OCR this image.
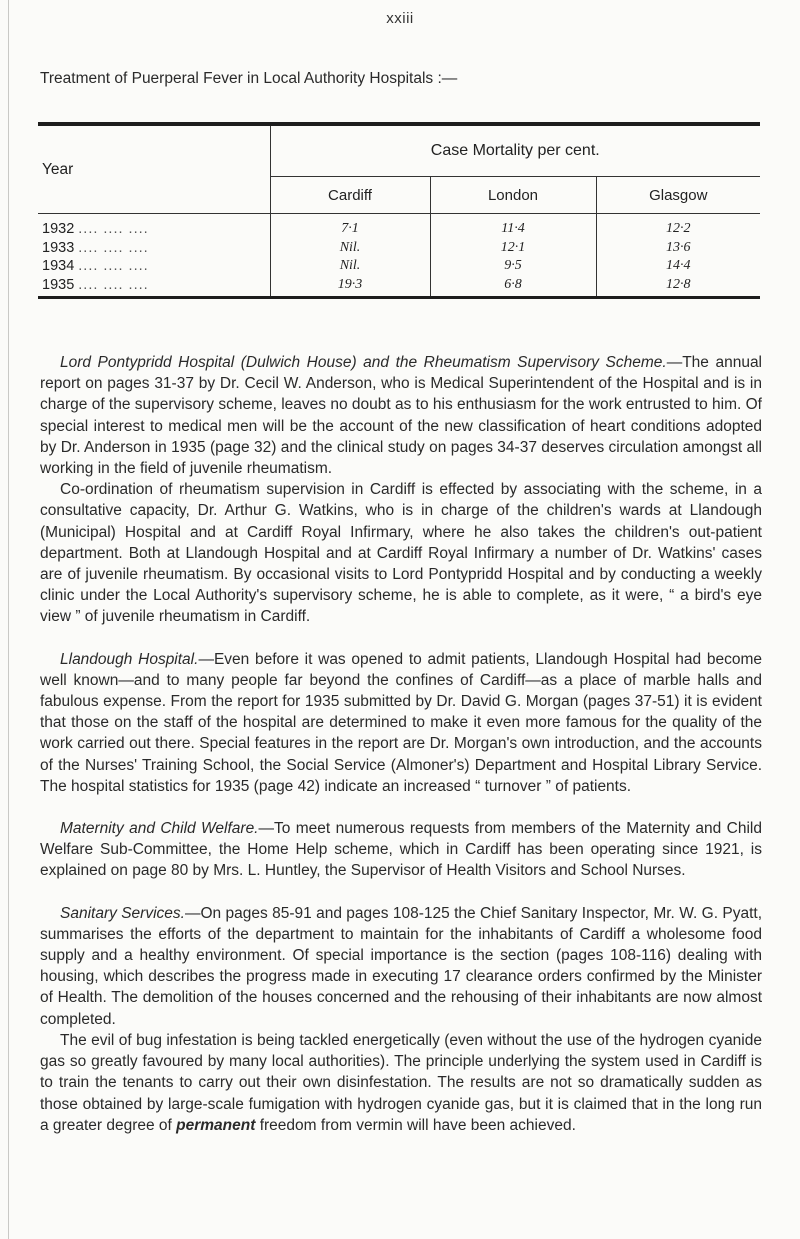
xxiii
Treatment of Puerperal Fever in Local Authority Hospitals :—
Year	Case Mortality per cent.		
	Cardiff	London	Glasgow
1932 .... .... ....	7·1	11·4	12·2
1933 .... .... ....	Nil.	12·1	13·6
1934 .... .... ....	Nil.	9·5	14·4
1935 .... .... ....	19·3	6·8	12·8

Lord Pontypridd Hospital (Dulwich House) and the Rheumatism Supervisory Scheme.—The annual report on pages 31-37 by Dr. Cecil W. Anderson, who is Medical Superintendent of the Hospital and is in charge of the supervisory scheme, leaves no doubt as to his enthusiasm for the work entrusted to him. Of special interest to medical men will be the account of the new classification of heart conditions adopted by Dr. Anderson in 1935 (page 32) and the clinical study on pages 34-37 deserves circulation amongst all working in the field of juvenile rheumatism.

Co-ordination of rheumatism supervision in Cardiff is effected by associating with the scheme, in a consultative capacity, Dr. Arthur G. Watkins, who is in charge of the children's wards at Llandough (Municipal) Hospital and at Cardiff Royal Infirmary, where he also takes the children's out-patient department. Both at Llandough Hospital and at Cardiff Royal Infirmary a number of Dr. Watkins' cases are of juvenile rheumatism. By occasional visits to Lord Pontypridd Hospital and by conducting a weekly clinic under the Local Authority's supervisory scheme, he is able to complete, as it were, “ a bird's eye view ” of juvenile rheumatism in Cardiff.

Llandough Hospital.—Even before it was opened to admit patients, Llandough Hospital had become well known—and to many people far beyond the confines of Cardiff—as a place of marble halls and fabulous expense. From the report for 1935 submitted by Dr. David G. Morgan (pages 37-51) it is evident that those on the staff of the hospital are determined to make it even more famous for the quality of the work carried out there. Special features in the report are Dr. Morgan's own introduction, and the accounts of the Nurses' Training School, the Social Service (Almoner's) Department and Hospital Library Service. The hospital statistics for 1935 (page 42) indicate an increased “ turnover ” of patients.

Maternity and Child Welfare.—To meet numerous requests from members of the Maternity and Child Welfare Sub-Committee, the Home Help scheme, which in Cardiff has been operating since 1921, is explained on page 80 by Mrs. L. Huntley, the Supervisor of Health Visitors and School Nurses.

Sanitary Services.—On pages 85-91 and pages 108-125 the Chief Sanitary Inspector, Mr. W. G. Pyatt, summarises the efforts of the department to maintain for the inhabitants of Cardiff a wholesome food supply and a healthy environment. Of special importance is the section (pages 108-116) dealing with housing, which describes the progress made in executing 17 clearance orders confirmed by the Minister of Health. The demolition of the houses concerned and the rehousing of their inhabitants are now almost completed.

The evil of bug infestation is being tackled energetically (even without the use of the hydrogen cyanide gas so greatly favoured by many local authorities). The principle underlying the system used in Cardiff is to train the tenants to carry out their own disinfestation. The results are not so dramatically sudden as those obtained by large-scale fumigation with hydrogen cyanide gas, but it is claimed that in the long run a greater degree of permanent freedom from vermin will have been achieved.
